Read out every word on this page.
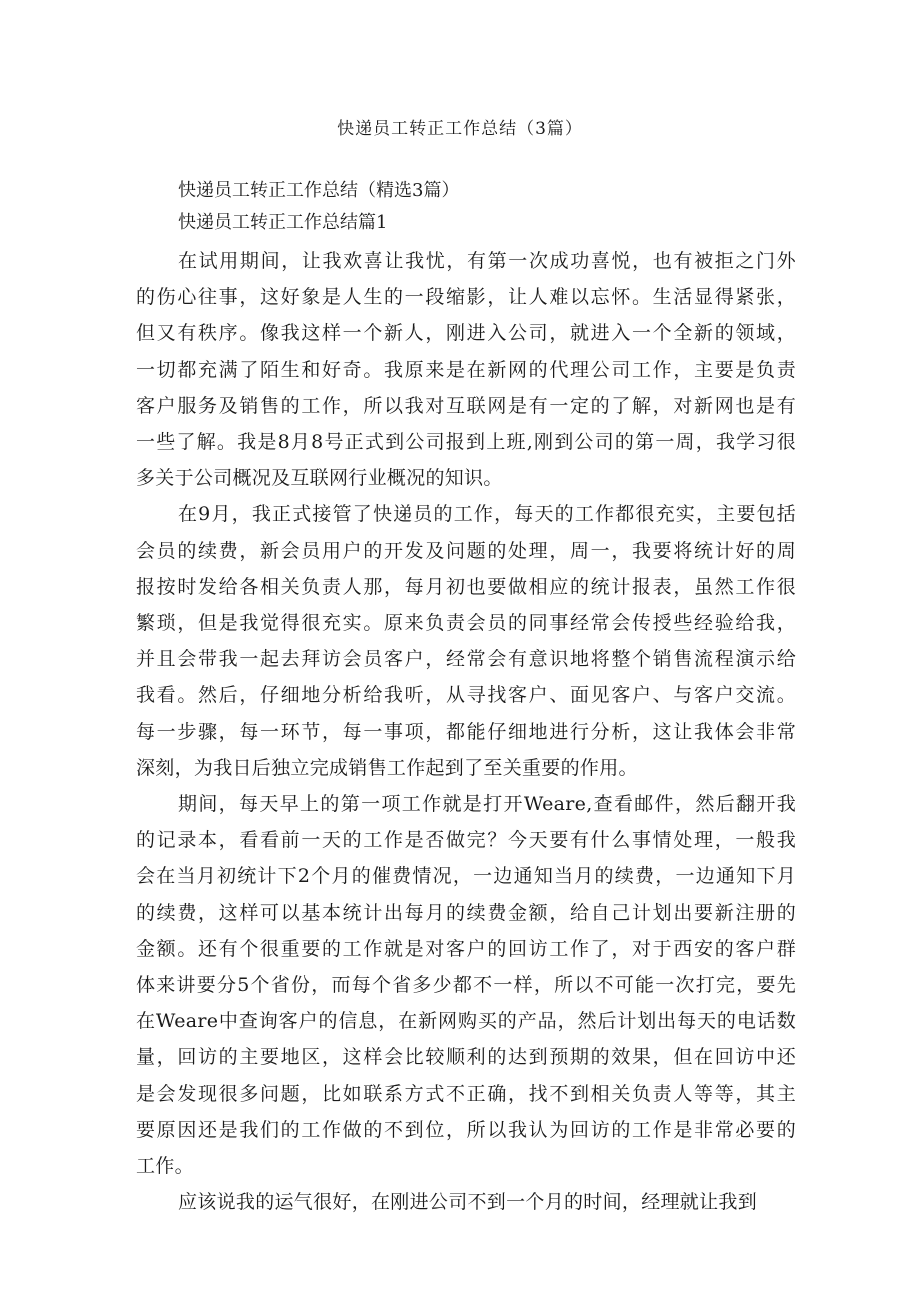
快递员工转正工作总结（3篇）

快递员工转正工作总结（精选3篇）

快递员工转正工作总结篇1

在试用期间，让我欢喜让我忧，有第一次成功喜悦，也有被拒之门外
的伤心往事，这好象是人生的一段缩影，让人难以忘怀。生活显得紧张，
但又有秩序。像我这样一个新人，刚进入公司，就进入一个全新的领域，
一切都充满了陌生和好奇。我原来是在新网的代理公司工作，主要是负责
客户服务及销售的工作，所以我对互联网是有一定的了解，对新网也是有
一些了解。我是8月8号正式到公司报到上班,刚到公司的第一周，我学习很
多关于公司概况及互联网行业概况的知识。
在9月，我正式接管了快递员的工作，每天的工作都很充实，主要包括
会员的续费，新会员用户的开发及问题的处理，周一，我要将统计好的周
报按时发给各相关负责人那，每月初也要做相应的统计报表，虽然工作很
繁琐，但是我觉得很充实。原来负责会员的同事经常会传授些经验给我，
并且会带我一起去拜访会员客户，经常会有意识地将整个销售流程演示给
我看。然后，仔细地分析给我听，从寻找客户、面见客户、与客户交流。
每一步骤，每一环节，每一事项，都能仔细地进行分析，这让我体会非常
深刻，为我日后独立完成销售工作起到了至关重要的作用。
期间，每天早上的第一项工作就是打开Weare,查看邮件，然后翻开我
的记录本，看看前一天的工作是否做完？今天要有什么事情处理，一般我
会在当月初统计下2个月的催费情况，一边通知当月的续费，一边通知下月
的续费，这样可以基本统计出每月的续费金额，给自己计划出要新注册的
金额。还有个很重要的工作就是对客户的回访工作了，对于西安的客户群
体来讲要分5个省份，而每个省多少都不一样，所以不可能一次打完，要先
在Weare中查询客户的信息，在新网购买的产品，然后计划出每天的电话数
量，回访的主要地区，这样会比较顺利的达到预期的效果，但在回访中还
是会发现很多问题，比如联系方式不正确，找不到相关负责人等等，其主
要原因还是我们的工作做的不到位，所以我认为回访的工作是非常必要的
工作。
应该说我的运气很好，在刚进公司不到一个月的时间，经理就让我到
